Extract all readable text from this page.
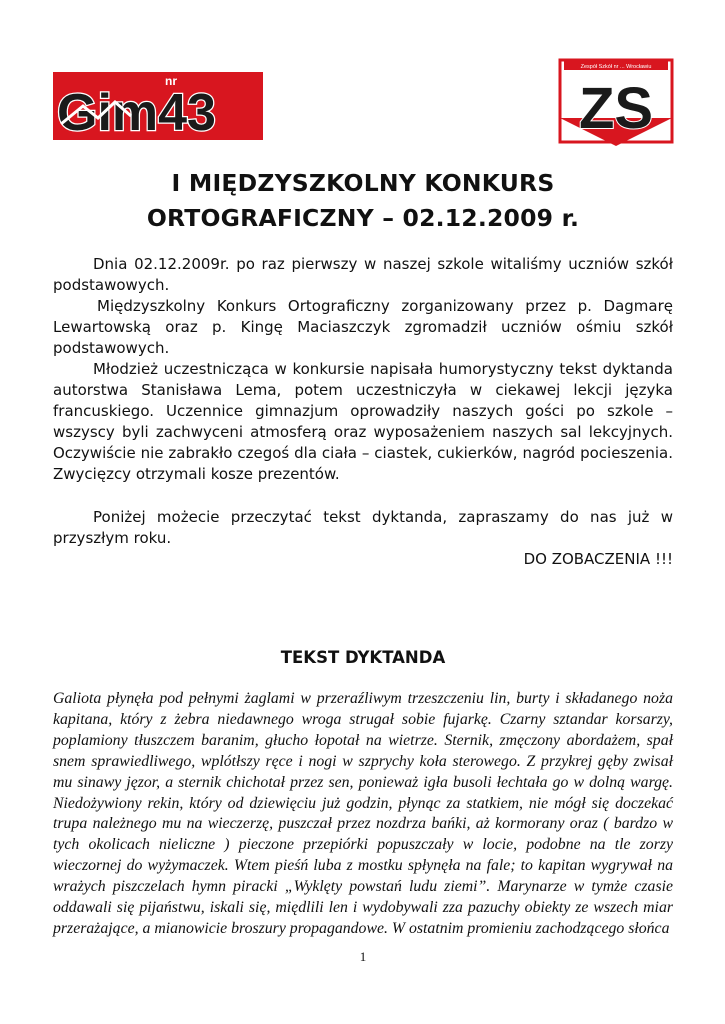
nr
Gim43
Zespół Szkół nr ... Wrocławiu
ZS
I MIĘDZYSZKOLNY KONKURS
ORTOGRAFICZNY – 02.12.2009 r.

Dnia 02.12.2009r. po raz pierwszy w naszej szkole witaliśmy uczniów szkół podstawowych.

Międzyszkolny Konkurs Ortograficzny zorganizowany przez p. Dagmarę Lewartowską oraz p. Kingę Maciaszczyk zgromadził uczniów ośmiu szkół podstawowych.

Młodzież uczestnicząca w konkursie napisała humorystyczny tekst dyktanda autorstwa Stanisława Lema, potem uczestniczyła w ciekawej lekcji języka francuskiego. Uczennice gimnazjum oprowadziły naszych gości po szkole – wszyscy byli zachwyceni atmosferą oraz wyposażeniem naszych sal lekcyjnych. Oczywiście nie zabrakło czegoś dla ciała – ciastek, cukierków, nagród pocieszenia. Zwycięzcy otrzymali kosze prezentów.

Poniżej możecie przeczytać tekst dyktanda, zapraszamy do nas już w przyszłym roku.

DO ZOBACZENIA !!!

TEKST DYKTANDA
Galiota płynęła pod pełnymi żaglami w przeraźliwym trzeszczeniu lin, burty i składanego noża kapitana, który z żebra niedawnego wroga strugał sobie fujarkę. Czarny sztandar korsarzy, poplamiony tłuszczem baranim, głucho łopotał na wietrze. Sternik, zmęczony abordażem, spał snem sprawiedliwego, wplótłszy ręce i nogi w szprychy koła sterowego. Z przykrej gęby zwisał mu sinawy jęzor, a sternik chichotał przez sen, ponieważ igła busoli łechtała go w dolną wargę. Niedożywiony rekin, który od dziewięciu już godzin, płynąc za statkiem, nie mógł się doczekać trupa należnego mu na wieczerzę, puszczał przez nozdrza bańki, aż kormorany oraz ( bardzo w tych okolicach nieliczne ) pieczone przepiórki popuszczały w locie, podobne na tle zorzy wieczornej do wyżymaczek. Wtem pieśń luba z mostku spłynęła na fale; to kapitan wygrywał na wrażych piszczelach hymn piracki „Wyklęty powstań ludu ziemi”. Marynarze w tymże czasie oddawali się pijaństwu, iskali się, międlili len i wydobywali zza pazuchy obiekty ze wszech miar przerażające, a mianowicie broszury propagandowe. W ostatnim promieniu zachodzącego słońca
1
